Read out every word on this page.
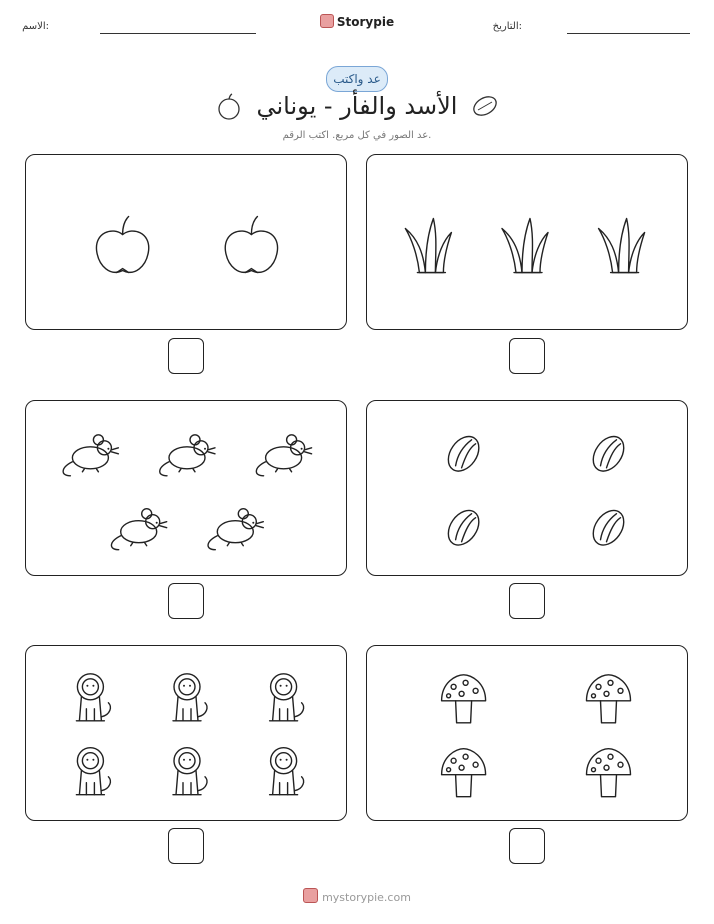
الاسم:	Storypie	التاريخ:
عد واكتب
الأسد والفأر - يوناني
عد الصور في كل مربع. اكتب الرقم.
mystorypie.com
